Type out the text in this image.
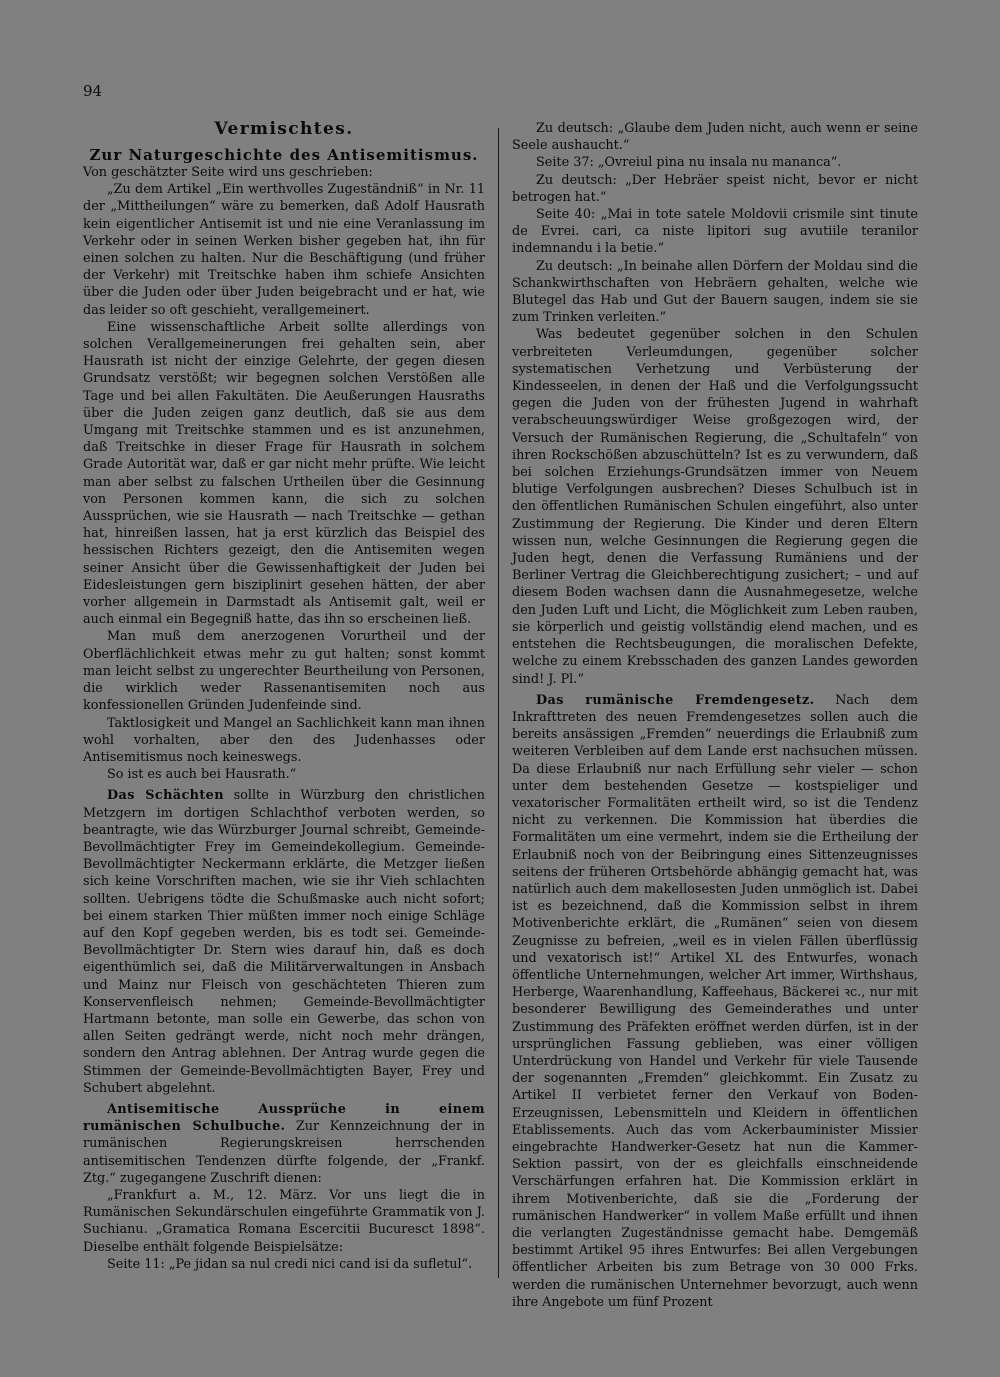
94
Vermischtes.
Zur Naturgeschichte des Antisemitismus.

Von geschätzter Seite wird uns geschrieben:

„Zu dem Artikel „Ein werthvolles Zugeständniß“ in Nr. 11 der „Mittheilungen“ wäre zu bemerken, daß Adolf Hausrath kein eigentlicher Antisemit ist und nie eine Veranlassung im Verkehr oder in seinen Werken bisher gegeben hat, ihn für einen solchen zu halten. Nur die Beschäftigung (und früher der Verkehr) mit Treitschke haben ihm schiefe Ansichten über die Juden oder über Juden beigebracht und er hat, wie das leider so oft geschieht, verallgemeinert.

Eine wissenschaftliche Arbeit sollte allerdings von solchen Verallgemeinerungen frei gehalten sein, aber Hausrath ist nicht der einzige Gelehrte, der gegen diesen Grundsatz verstößt; wir begegnen solchen Verstößen alle Tage und bei allen Fakultäten. Die Aeußerungen Hausraths über die Juden zeigen ganz deutlich, daß sie aus dem Umgang mit Treitschke stammen und es ist anzunehmen, daß Treitschke in dieser Frage für Hausrath in solchem Grade Autorität war, daß er gar nicht mehr prüfte. Wie leicht man aber selbst zu falschen Urtheilen über die Gesinnung von Personen kommen kann, die sich zu solchen Aussprüchen, wie sie Hausrath — nach Treitschke — gethan hat, hinreißen lassen, hat ja erst kürzlich das Beispiel des hessischen Richters gezeigt, den die Antisemiten wegen seiner Ansicht über die Gewissenhaftigkeit der Juden bei Eidesleistungen gern bisziplinirt gesehen hätten, der aber vorher allgemein in Darmstadt als Antisemit galt, weil er auch einmal ein Begegniß hatte, das ihn so erscheinen ließ.

Man muß dem anerzogenen Vorurtheil und der Oberflächlichkeit etwas mehr zu gut halten; sonst kommt man leicht selbst zu ungerechter Beurtheilung von Personen, die wirklich weder Rassenantisemiten noch aus konfessionellen Gründen Judenfeinde sind.

Taktlosigkeit und Mangel an Sachlichkeit kann man ihnen wohl vorhalten, aber den des Judenhasses oder Antisemitismus noch keineswegs.

So ist es auch bei Hausrath.“

Das Schächten sollte in Würzburg den christlichen Metzgern im dortigen Schlachthof verboten werden, so beantragte, wie das Würzburger Journal schreibt, Gemeinde-Bevollmächtigter Frey im Gemeindekollegium. Gemeinde-Bevollmächtigter Neckermann erklärte, die Metzger ließen sich keine Vorschriften machen, wie sie ihr Vieh schlachten sollten. Uebrigens tödte die Schußmaske auch nicht sofort; bei einem starken Thier müßten immer noch einige Schläge auf den Kopf gegeben werden, bis es todt sei. Gemeinde-Bevollmächtigter Dr. Stern wies darauf hin, daß es doch eigenthümlich sei, daß die Militärverwaltungen in Ansbach und Mainz nur Fleisch von geschächteten Thieren zum Konservenfleisch nehmen; Gemeinde-Bevollmächtigter Hartmann betonte, man solle ein Gewerbe, das schon von allen Seiten gedrängt werde, nicht noch mehr drängen, sondern den Antrag ablehnen. Der Antrag wurde gegen die Stimmen der Gemeinde-Bevollmächtigten Bayer, Frey und Schubert abgelehnt.

Antisemitische Aussprüche in einem rumänischen Schulbuche. Zur Kennzeichnung der in rumänischen Regierungskreisen herrschenden antisemitischen Tendenzen dürfte folgende, der „Frankf. Ztg.“ zugegangene Zuschrift dienen:

„Frankfurt a. M., 12. März. Vor uns liegt die in Rumänischen Sekundärschulen eingeführte Grammatik von J. Suchianu. „Gramatica Romana Escercitii Bucuresct 1898“. Dieselbe enthält folgende Beispielsätze:

Seite 11: „Pe jidan sa nul credi nici cand isi da sufletul“.

Zu deutsch: „Glaube dem Juden nicht, auch wenn er seine Seele aushaucht.“

Seite 37: „Ovreiul pina nu insala nu mananca“.

Zu deutsch: „Der Hebräer speist nicht, bevor er nicht betrogen hat.“

Seite 40: „Mai in tote satele Moldovii crismile sint tinute de Evrei. cari, ca niste lipitori sug avutiile teranilor indemnandu i la betie.“

Zu deutsch: „In beinahe allen Dörfern der Moldau sind die Schankwirthschaften von Hebräern gehalten, welche wie Blutegel das Hab und Gut der Bauern saugen, indem sie sie zum Trinken verleiten.“

Was bedeutet gegenüber solchen in den Schulen verbreiteten Verleumdungen, gegenüber solcher systematischen Verhetzung und Verbüsterung der Kindesseelen, in denen der Haß und die Verfolgungssucht gegen die Juden von der frühesten Jugend in wahrhaft verabscheuungswürdiger Weise großgezogen wird, der Versuch der Rumänischen Regierung, die „Schultafeln“ von ihren Rockschößen abzuschütteln? Ist es zu verwundern, daß bei solchen Erziehungs-Grundsätzen immer von Neuem blutige Verfolgungen ausbrechen? Dieses Schulbuch ist in den öffentlichen Rumänischen Schulen eingeführt, also unter Zustimmung der Regierung. Die Kinder und deren Eltern wissen nun, welche Gesinnungen die Regierung gegen die Juden hegt, denen die Verfassung Rumäniens und der Berliner Vertrag die Gleichberechtigung zusichert; – und auf diesem Boden wachsen dann die Ausnahmegesetze, welche den Juden Luft und Licht, die Möglichkeit zum Leben rauben, sie körperlich und geistig vollständig elend machen, und es entstehen die Rechtsbeugungen, die moralischen Defekte, welche zu einem Krebsschaden des ganzen Landes geworden sind! J. Pl.“

Das rumänische Fremdengesetz. Nach dem Inkrafttreten des neuen Fremdengesetzes sollen auch die bereits ansässigen „Fremden“ neuerdings die Erlaubniß zum weiteren Verbleiben auf dem Lande erst nachsuchen müssen. Da diese Erlaubniß nur nach Erfüllung sehr vieler — schon unter dem bestehenden Gesetze — kostspieliger und vexatorischer Formalitäten ertheilt wird, so ist die Tendenz nicht zu verkennen. Die Kommission hat überdies die Formalitäten um eine vermehrt, indem sie die Ertheilung der Erlaubniß noch von der Beibringung eines Sittenzeugnisses seitens der früheren Ortsbehörde abhängig gemacht hat, was natürlich auch dem makellosesten Juden unmöglich ist. Dabei ist es bezeichnend, daß die Kommission selbst in ihrem Motivenberichte erklärt, die „Rumänen“ seien von diesem Zeugnisse zu befreien, „weil es in vielen Fällen überflüssig und vexatorisch ist!“ Artikel XL des Entwurfes, wonach öffentliche Unternehmungen, welcher Art immer, Wirthshaus, Herberge, Waarenhandlung, Kaffeehaus, Bäckerei ꝛc., nur mit besonderer Bewilligung des Gemeinderathes und unter Zustimmung des Präfekten eröffnet werden dürfen, ist in der ursprünglichen Fassung geblieben, was einer völligen Unterdrückung von Handel und Verkehr für viele Tausende der sogenannten „Fremden“ gleichkommt. Ein Zusatz zu Artikel II verbietet ferner den Verkauf von Boden-Erzeugnissen, Lebensmitteln und Kleidern in öffentlichen Etablissements. Auch das vom Ackerbauminister Missier eingebrachte Handwerker-Gesetz hat nun die Kammer-Sektion passirt, von der es gleichfalls einschneidende Verschärfungen erfahren hat. Die Kommission erklärt in ihrem Motivenberichte, daß sie die „Forderung der rumänischen Handwerker“ in vollem Maße erfüllt und ihnen die verlangten Zugeständnisse gemacht habe. Demgemäß bestimmt Artikel 95 ihres Entwurfes: Bei allen Vergebungen öffentlicher Arbeiten bis zum Betrage von 30 000 Frks. werden die rumänischen Unternehmer bevorzugt, auch wenn ihre Angebote um fünf Prozent
